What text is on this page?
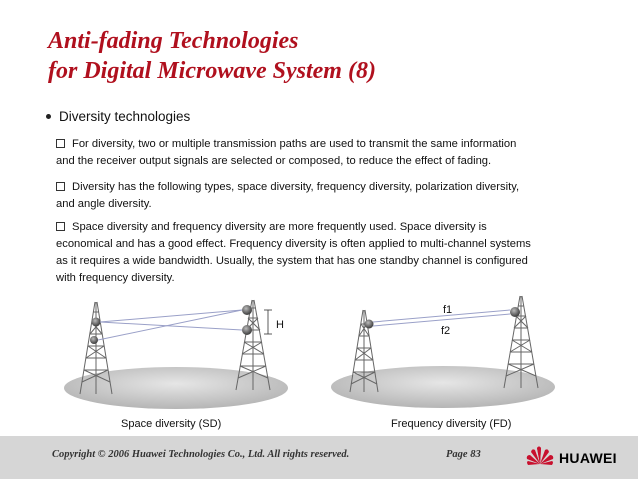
Anti-fading Technologies
for Digital Microwave System (8)
Diversity technologies
For diversity, two or multiple transmission paths are used to transmit the same information
and the receiver output signals are selected or composed, to reduce the effect of fading.
Diversity has the following types, space diversity, frequency diversity, polarization diversity,
and angle diversity.
Space diversity and frequency diversity are more frequently used. Space diversity is
economical and has a good effect. Frequency diversity is often applied to multi-channel systems
as it requires a wide bandwidth. Usually, the system that has one standby channel is configured
with frequency diversity.
H
f1
f2
Space diversity (SD)	Frequency diversity (FD)
Copyright © 2006 Huawei Technologies Co., Ltd. All rights reserved.	Page 83	HUAWEI
